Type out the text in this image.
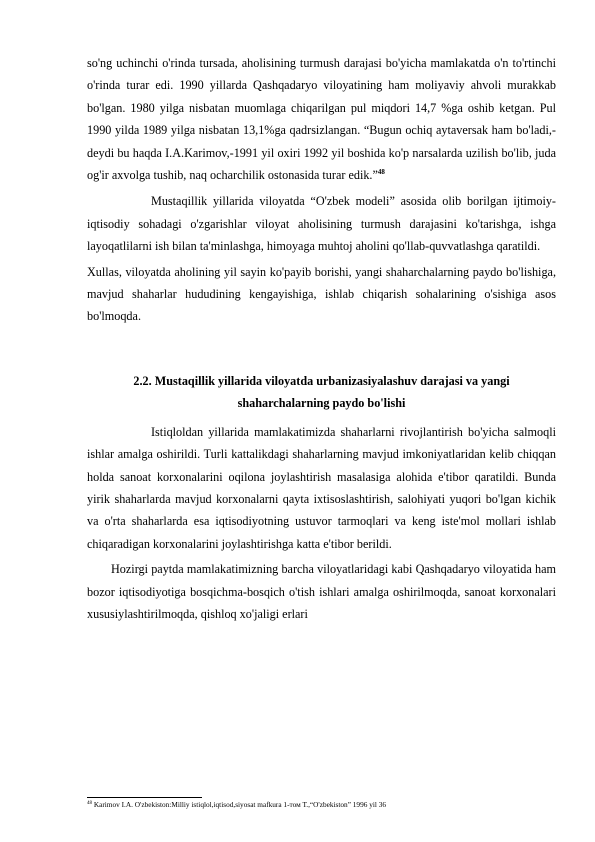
so'ng uchinchi o'rinda tursada, aholisining turmush darajasi bo'yicha mamlakatda o'n to'rtinchi o'rinda turar edi. 1990 yillarda Qashqadaryo viloyatining ham moliyaviy ahvoli murakkab bo'lgan. 1980 yilga nisbatan muomlaga chiqarilgan pul miqdori 14,7 %ga oshib ketgan. Pul 1990 yilda 1989 yilga nisbatan 13,1%ga qadrsizlangan. “Bugun ochiq aytaversak ham bo'ladi,-deydi bu haqda I.A.Karimov,-1991 yil oxiri 1992 yil boshida ko'p narsalarda uzilish bo'lib, juda og'ir axvolga tushib, naq ocharchilik ostonasida turar edik.”$^{48}$

Mustaqillik yillarida viloyatda “O'zbek modeli” asosida olib borilgan ijtimoiy-iqtisodiy sohadagi o'zgarishlar viloyat aholisining turmush darajasini ko'tarishga, ishga layoqatlilarni ish bilan ta'minlashga, himoyaga muhtoj aholini qo'llab-quvvatlashga qaratildi.

Xullas, viloyatda aholining yil sayin ko'payib borishi, yangi shaharchalarning paydo bo'lishiga, mavjud shaharlar hududining kengayishiga, ishlab chiqarish sohalarining o'sishiga asos bo'lmoqda.

2.2. Mustaqillik yillarida viloyatda urbanizasiyalashuv darajasi va yangi
shaharchalarning paydo bo'lishi

Istiqloldan yillarida mamlakatimizda shaharlarni rivojlantirish bo'yicha salmoqli ishlar amalga oshirildi. Turli kattalikdagi shaharlarning mavjud imkoniyatlaridan kelib chiqqan holda sanoat korxonalarini oqilona joylashtirish masalasiga alohida e'tibor qaratildi. Bunda yirik shaharlarda mavjud korxonalarni qayta ixtisoslashtirish, salohiyati yuqori bo'lgan kichik va o'rta shaharlarda esa iqtisodiyotning ustuvor tarmoqlari va keng iste'mol mollari ishlab chiqaradigan korxonalarini joylashtirishga katta e'tibor berildi.

Hozirgi paytda mamlakatimizning barcha viloyatlaridagi kabi Qashqadaryo viloyatida ham bozor iqtisodiyotiga bosqichma-bosqich o'tish ishlari amalga oshirilmoqda, sanoat korxonalari xususiylashtirilmoqda, qishloq xo'jaligi erlari

$^{48}$ Karimov I.A. O'zbekiston:Milliy istiqlol,iqtisod,siyosat mafkura 1-том Т.,“O'zbekiston” 1996 yil 36
